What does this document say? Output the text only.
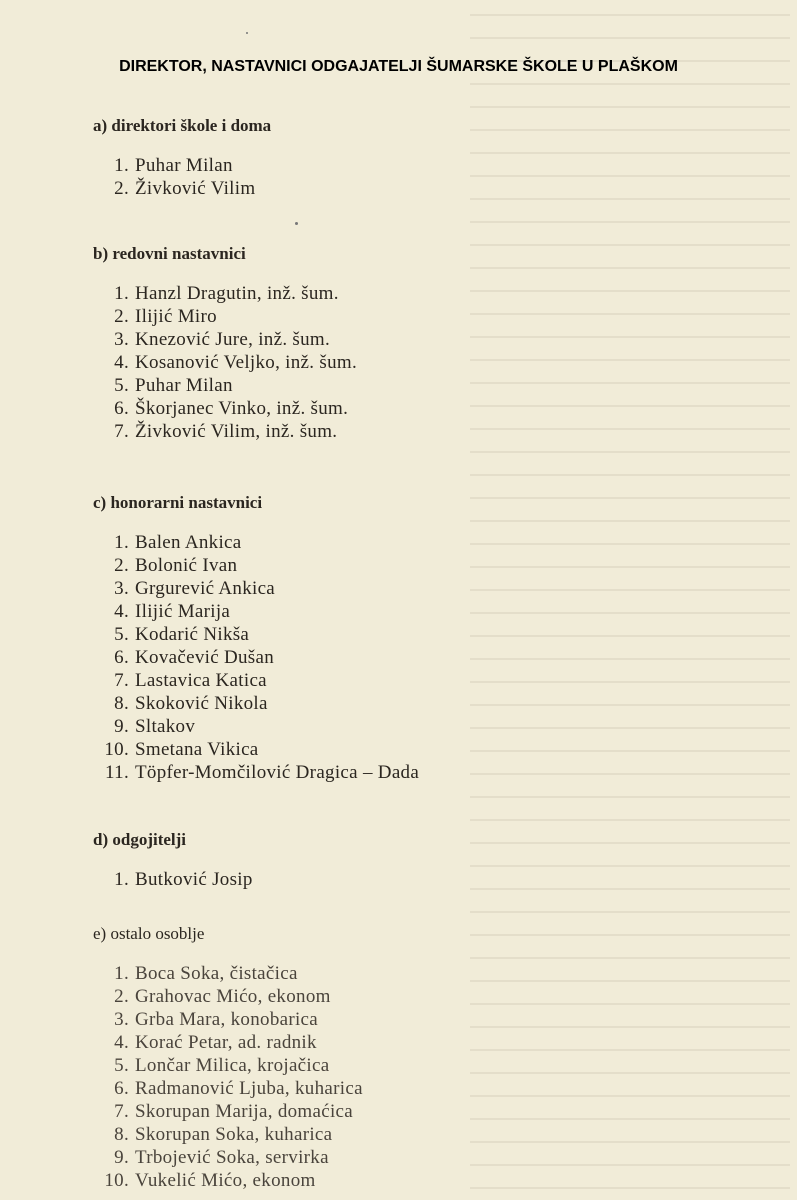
DIREKTOR, NASTAVNICI ODGAJATELJI ŠUMARSKE ŠKOLE U PLAŠKOM
a) direktori škole i doma
1. Puhar Milan
2. Živković Vilim
b) redovni nastavnici
1. Hanzl Dragutin, inž. šum.
2. Ilijić Miro
3. Knezović Jure, inž. šum.
4. Kosanović Veljko, inž. šum.
5. Puhar Milan
6. Škorjanec Vinko, inž. šum.
7. Živković Vilim, inž. šum.
c) honorarni nastavnici
1. Balen Ankica
2. Bolonić Ivan
3. Grgurević Ankica
4. Ilijić Marija
5. Kodarić Nikša
6. Kovačević Dušan
7. Lastavica Katica
8. Skoković Nikola
9. Sltakov
10. Smetana Vikica
11. Töpfer-Momčilović Dragica – Dada
d) odgojitelji
1. Butković Josip
e) ostalo osoblje
1. Boca Soka, čistačica
2. Grahovac Mićo, ekonom
3. Grba Mara, konobarica
4. Korać Petar, ad. radnik
5. Lončar Milica, krojačica
6. Radmanović Ljuba, kuharica
7. Skorupan Marija, domaćica
8. Skorupan Soka, kuharica
9. Trbojević Soka, servirka
10. Vukelić Mićo, ekonom
